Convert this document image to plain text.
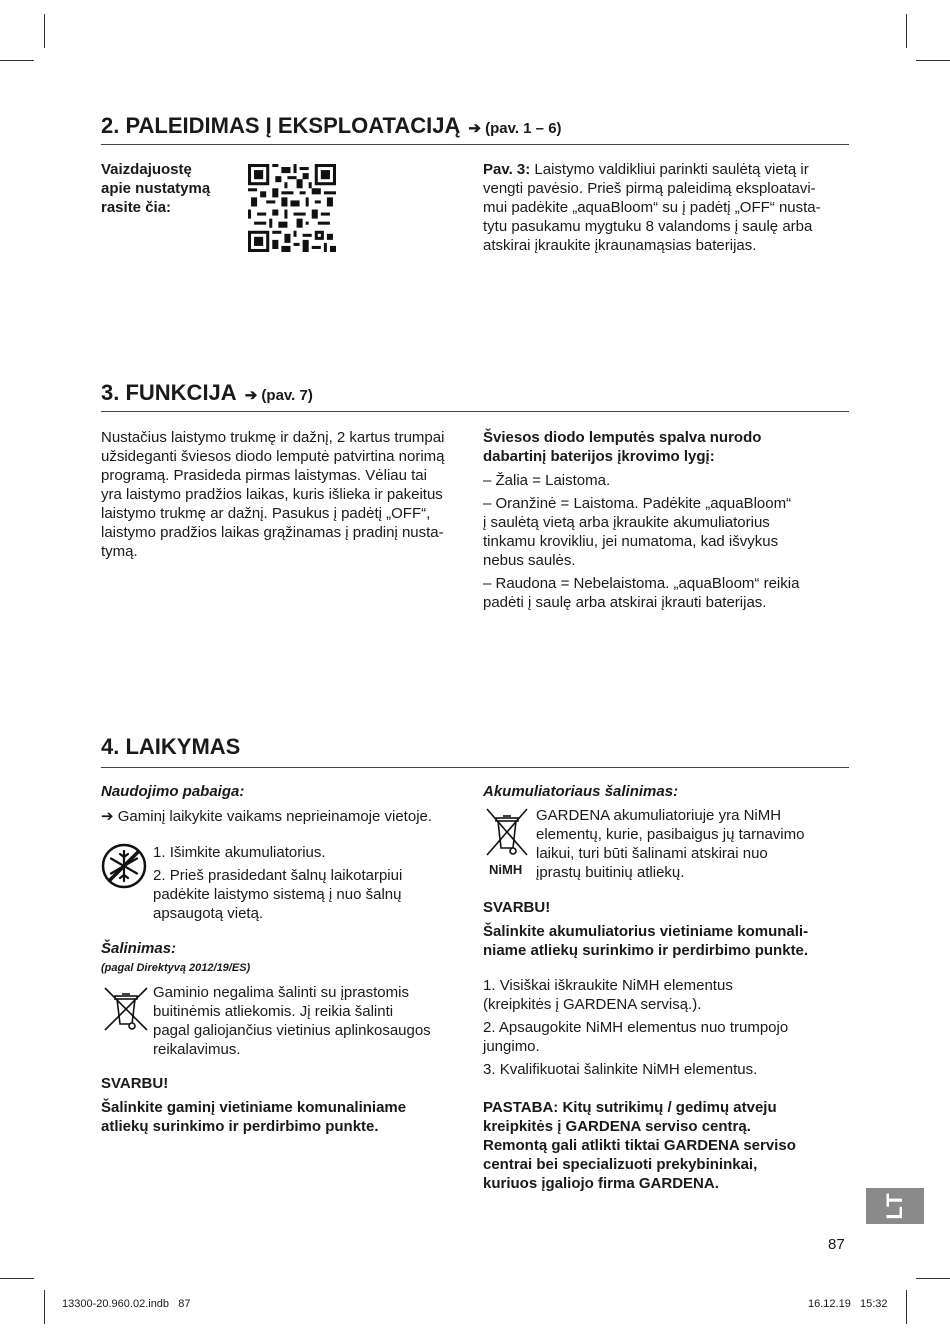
2. PALEIDIMAS Į EKSPLOATACIJĄ ➔ (pav. 1 – 6)

Vaizdajuostę

apie nustatymą

rasite čia:

Pav. 3: Laistymo valdikliui parinkti saulėtą vietą ir

vengti pavėsio. Prieš pirmą paleidimą eksploatavi-

mui padėkite „aquaBloom“ su į padėtį „OFF“ nusta-

tytu pasukamu mygtuku 8 valandoms į saulę arba

atskirai įkraukite įkraunamąsias baterijas.

3. FUNKCIJA ➔ (pav. 7)

Nustačius laistymo trukmę ir dažnį, 2 kartus trumpai

užsideganti šviesos diodo lemputė patvirtina norimą

programą. Prasideda pirmas laistymas. Vėliau tai

yra laistymo pradžios laikas, kuris išlieka ir pakeitus

laistymo trukmę ar dažnį. Pasukus į padėtį „OFF“,

laistymo pradžios laikas grąžinamas į pradinį nusta-

tymą.

Šviesos diodo lemputės spalva nurodo

dabartinį baterijos įkrovimo lygį:

– Žalia = Laistoma.

– Oranžinė = Laistoma. Padėkite „aquaBloom“

į saulėtą vietą arba įkraukite akumuliatorius

tinkamu krovikliu, jei numatoma, kad išvykus

nebus saulės.

– Raudona = Nebelaistoma. „aquaBloom“ reikia

padėti į saulę arba atskirai įkrauti baterijas.

4. LAIKYMAS
Naudojimo pabaiga:
➔ Gaminį laikykite vaikams neprieinamoje vietoje.

1. Išimkite akumuliatorius.

2. Prieš prasidedant šalnų laikotarpiui

padėkite laistymo sistemą į nuo šalnų

apsaugotą vietą.

Šalinimas:
(pagal Direktyvą 2012/19/ES)

Gaminio negalima šalinti su įprastomis

buitinėmis atliekomis. Jį reikia šalinti

pagal galiojančius vietinius aplinkosaugos

reikalavimus.

SVARBU!

Šalinkite gaminį vietiniame komunaliniame

atliekų surinkimo ir perdirbimo punkte.

Akumuliatoriaus šalinimas:
NiMH

GARDENA akumuliatoriuje yra NiMH

elementų, kurie, pasibaigus jų tarnavimo

laikui, turi būti šalinami atskirai nuo

įprastų buitinių atliekų.

SVARBU!

Šalinkite akumuliatorius vietiniame komunali-

niame atliekų surinkimo ir perdirbimo punkte.

1. Visiškai iškraukite NiMH elementus

(kreipkitės į GARDENA servisą.).

2. Apsaugokite NiMH elementus nuo trumpojo

jungimo.

3. Kvalifikuotai šalinkite NiMH elementus.

PASTABA: Kitų sutrikimų / gedimų atveju

kreipkitės į GARDENA serviso centrą.

Remontą gali atlikti tiktai GARDENA serviso

centrai bei specializuoti prekybininkai,

kuriuos įgaliojo firma GARDENA.

LT
87
13300-20.960.02.indb   87	16.12.19   15:32
